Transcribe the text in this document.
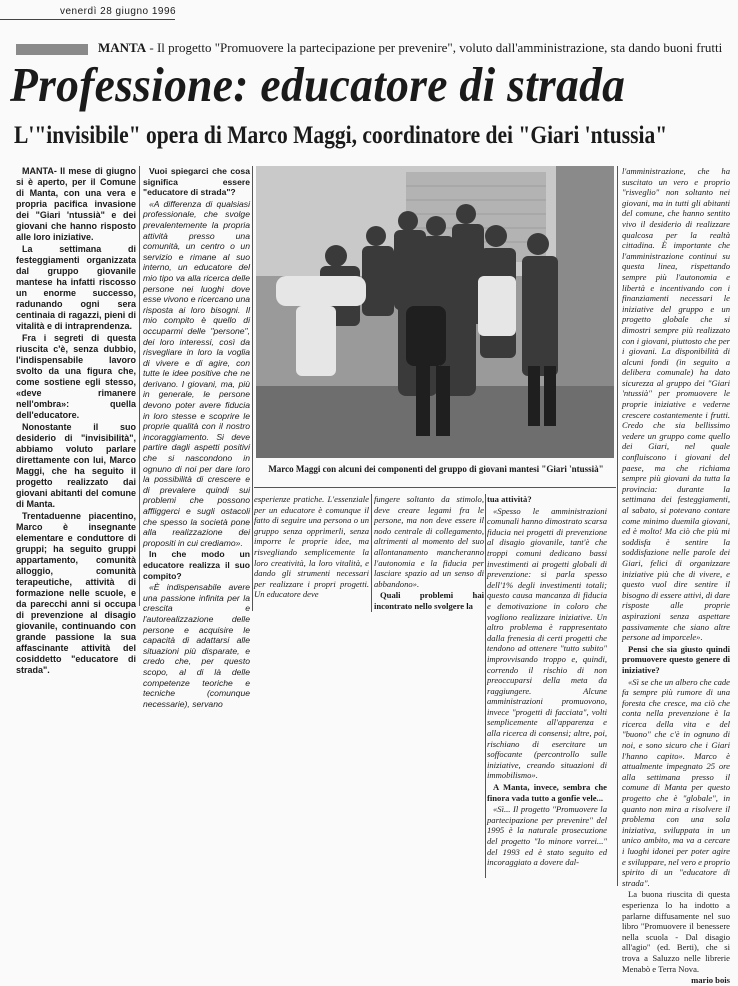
venerdì 28 giugno 1996
MANTA - Il progetto "Promuovere la partecipazione per prevenire", voluto dall'amministrazione, sta dando buoni frutti
Professione: educatore di strada
L'"invisibile" opera di Marco Maggi, coordinatore dei "Giari 'ntussia"

MANTA- Il mese di giugno si è aperto, per il Comune di Manta, con una vera e propria pacifica invasione dei "Giari 'ntussià" e dei giovani che hanno risposto alle loro iniziative.

La settimana di festeggiamenti organizzata dal gruppo giovanile mantese ha infatti riscosso un enorme successo, radunando ogni sera centinaia di ragazzi, pieni di vitalità e di intraprendenza.

Fra i segreti di questa riuscita c'è, senza dubbio, l'indispensabile lavoro svolto da una figura che, come sostiene egli stesso, «deve rimanere nell'ombra»: quella dell'educatore.

Nonostante il suo desiderio di "invisibilità", abbiamo voluto parlare direttamente con lui, Marco Maggi, che ha seguito il progetto realizzato dai giovani abitanti del comune di Manta.

Trentaduenne piacentino, Marco è insegnante elementare e conduttore di gruppi; ha seguito gruppi appartamento, comunità alloggio, comunità terapeutiche, attività di formazione nelle scuole, e da parecchi anni si occupa di prevenzione al disagio giovanile, continuando con grande passione la sua affascinante attività del cosiddetto "educatore di strada".

Vuoi spiegarci che cosa significa essere "educatore di strada"?

«A differenza di qualsiasi professionale, che svolge prevalentemente la propria attività presso una comunità, un centro o un servizio e rimane al suo interno, un educatore del mio tipo va alla ricerca delle persone nei luoghi dove esse vivono e ricercano una risposta ai loro bisogni. Il mio compito è quello di occuparmi delle "persone", dei loro interessi, così da risvegliare in loro la voglia di vivere e di agire, con tutte le idee positive che ne derivano. I giovani, ma, più in generale, le persone devono poter avere fiducia in loro stesse e scoprire le proprie qualità con il nostro incoraggiamento. Si deve partire dagli aspetti positivi che si nascondono in ognuno di noi per dare loro la possibilità di crescere e di prevalere quindi sui problemi che possono affliggerci e sugli ostacoli che spesso la società pone alla realizzazione dei propositi in cui crediamo».

In che modo un educatore realizza il suo compito?

«È indispensabile avere una passione infinita per la crescita e l'autorealizzazione delle persone e acquisire le capacità di adattarsi alle situazioni più disparate, e credo che, per questo scopo, al di là delle competenze teoriche e tecniche (comunque necessarie), servano

Marco Maggi con alcuni dei componenti del gruppo di giovani mantesi "Giari 'ntussià"

esperienze pratiche. L'essenziale per un educatore è comunque il fatto di seguire una persona o un gruppo senza opprimerli, senza imporre le proprie idee, ma risvegliando semplicemente la loro creatività, la loro vitalità, e dando gli strumenti necessari per realizzare i propri progetti. Un educatore deve

fungere soltanto da stimolo, deve creare legami fra le persone, ma non deve essere il nodo centrale di collegamento, altrimenti al momento del suo allontanamento mancheranno l'autonomia e la fiducia per lasciare spazio ad un senso di abbandono».

Quali problemi hai incontrato nello svolgere la

tua attività?

«Spesso le amministrazioni comunali hanno dimostrato scarsa fiducia nei progetti di prevenzione al disagio giovanile, tant'è che troppi comuni dedicano bassi investimenti ai progetti globali di prevenzione: si parla spesso dell'1% degli investimenti totali; questo causa mancanza di fiducia e demotivazione in coloro che vogliono realizzare iniziative. Un altro problema è rappresentato dalla frenesia di certi progetti che tendono ad ottenere "tutto subito" improvvisando troppo e, quindi, correndo il rischio di non preoccuparsi della meta da raggiungere. Alcune amministrazioni promuovono, invece "progetti di facciata", volti semplicemente all'apparenza e alla ricerca di consensi; altre, poi, rischiano di esercitare un soffocante (percontrollo sulle iniziative, creando situazioni di immobilismo».

A Manta, invece, sembra che finora vada tutto a gonfie vele...

«Sì... Il progetto "Promuovere la partecipazione per prevenire" del 1995 è la naturale prosecuzione del progetto "Io minore vorrei..." del 1993 ed è stato seguito ed incoraggiato a dovere dal-

l'amministrazione, che ha suscitato un vero e proprio "risveglio" non soltanto nei giovani, ma in tutti gli abitanti del comune, che hanno sentito vivo il desiderio di realizzare qualcosa per la realtà cittadina. È importante che l'amministrazione continui su questa linea, rispettando sempre più l'autonomia e libertà e incentivando con i finanziamenti necessari le iniziative del gruppo e un progetto globale che si dimostri sempre più realizzato con i giovani, piuttosto che per i giovani. La disponibilità di alcuni fondi (in seguito a delibera comunale) ha dato sicurezza al gruppo dei "Giari 'ntussià" per promuovere le proprie iniziative e vederne crescere costantemente i frutti. Credo che sia bellissimo vedere un gruppo come quello dei Giari, nel quale confluiscono i giovani del paese, ma che richiama sempre più giovani da tutta la provincia: durante la settimana dei festeggiamenti, al sabato, si potevano contare come minimo duemila giovani, ed è molto! Ma ciò che più mi soddisfa è sentire la soddisfazione nelle parole dei Giari, felici di organizzare iniziative più che di vivere, e questo vuol dire sentire il bisogno di essere attivi, di dare risposte alle proprie aspirazioni senza aspettare passivamente che siano altre persone ad imporcele».

Pensi che sia giusto quindi promuovere questo genere di iniziative?

«Sì se che un albero che cade fa sempre più rumore di una foresta che cresce, ma ciò che conta nella prevenzione è la ricerca della vita e del "buono" che c'è in ognuno di noi, e sono sicuro che i Giari l'hanno capito». Marco è attualmente impegnato 25 ore alla settimana presso il comune di Manta per questo progetto che è "globale", in quanto non mira a risolvere il problema con una sola iniziativa, sviluppata in un unico ambito, ma va a cercare i luoghi idonei per poter agire e sviluppare, nel vero e proprio spirito di un "educatore di strada".

La buona riuscita di questa esperienza lo ha indotto a parlarne diffusamente nel suo libro "Promuovere il benessere nella scuola - Dal disagio all'agio" (ed. Berti), che si trova a Saluzzo nelle librerie Menabò e Terra Nova.

mario bois
